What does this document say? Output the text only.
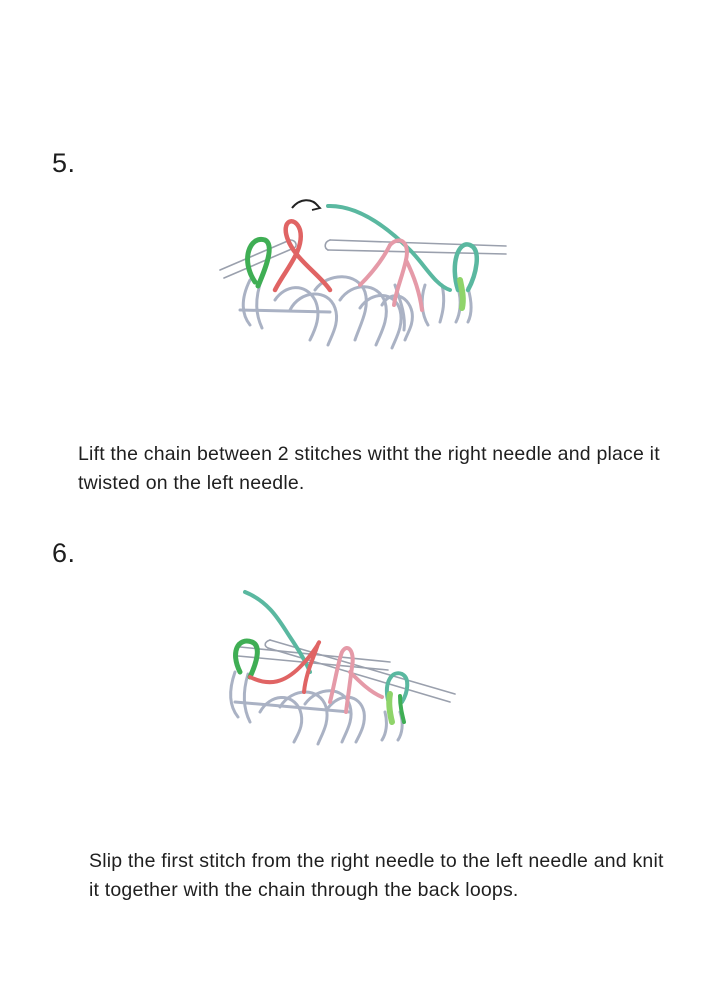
5.

Lift the chain between 2 stitches witht the right needle and place it twisted on the left needle.

6.

Slip the first stitch from the right needle to the left needle and knit it together with the chain through the back loops.
